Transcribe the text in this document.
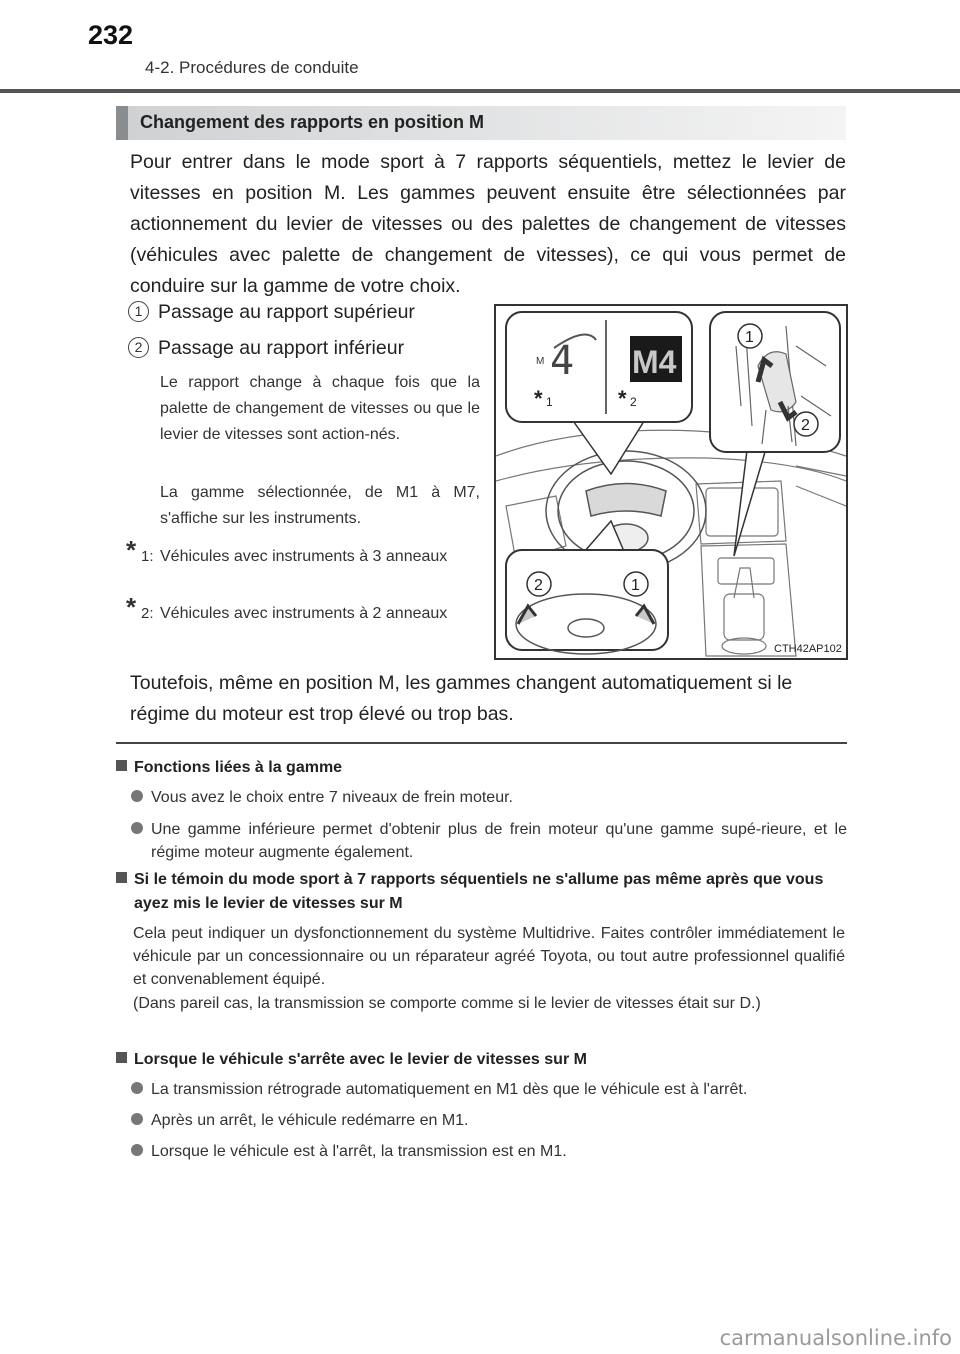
232
4-2. Procédures de conduite
Changement des rapports en position M
Pour entrer dans le mode sport à 7 rapports séquentiels, mettez le levier de vitesses en position M. Les gammes peuvent ensuite être sélectionnées par actionnement du levier de vitesses ou des palettes de changement de vitesses (véhicules avec palette de changement de vitesses), ce qui vous permet de conduire sur la gamme de votre choix.
1 Passage au rapport supérieur
2 Passage au rapport inférieur
Le rapport change à chaque fois que la palette de changement de vitesses ou que le levier de vitesses sont action-nés.
La gamme sélectionnée, de M1 à M7, s'affiche sur les instruments.
* 1: Véhicules avec instruments à 3 anneaux
* 2: Véhicules avec instruments à 2 anneaux
M 4 M4
* 1	* 2
1
2
2	1
CTH42AP102
Toutefois, même en position M, les gammes changent automatiquement si le régime du moteur est trop élevé ou trop bas.
Fonctions liées à la gamme
Vous avez le choix entre 7 niveaux de frein moteur.
Une gamme inférieure permet d'obtenir plus de frein moteur qu'une gamme supé-rieure, et le régime moteur augmente également.
Si le témoin du mode sport à 7 rapports séquentiels ne s'allume pas même après que vous ayez mis le levier de vitesses sur M
Cela peut indiquer un dysfonctionnement du système Multidrive. Faites contrôler immédiatement le véhicule par un concessionnaire ou un réparateur agréé Toyota, ou tout autre professionnel qualifié et convenablement équipé.
(Dans pareil cas, la transmission se comporte comme si le levier de vitesses était sur D.)
Lorsque le véhicule s'arrête avec le levier de vitesses sur M
La transmission rétrograde automatiquement en M1 dès que le véhicule est à l'arrêt.
Après un arrêt, le véhicule redémarre en M1.
Lorsque le véhicule est à l'arrêt, la transmission est en M1.
carmanualsonline.info
